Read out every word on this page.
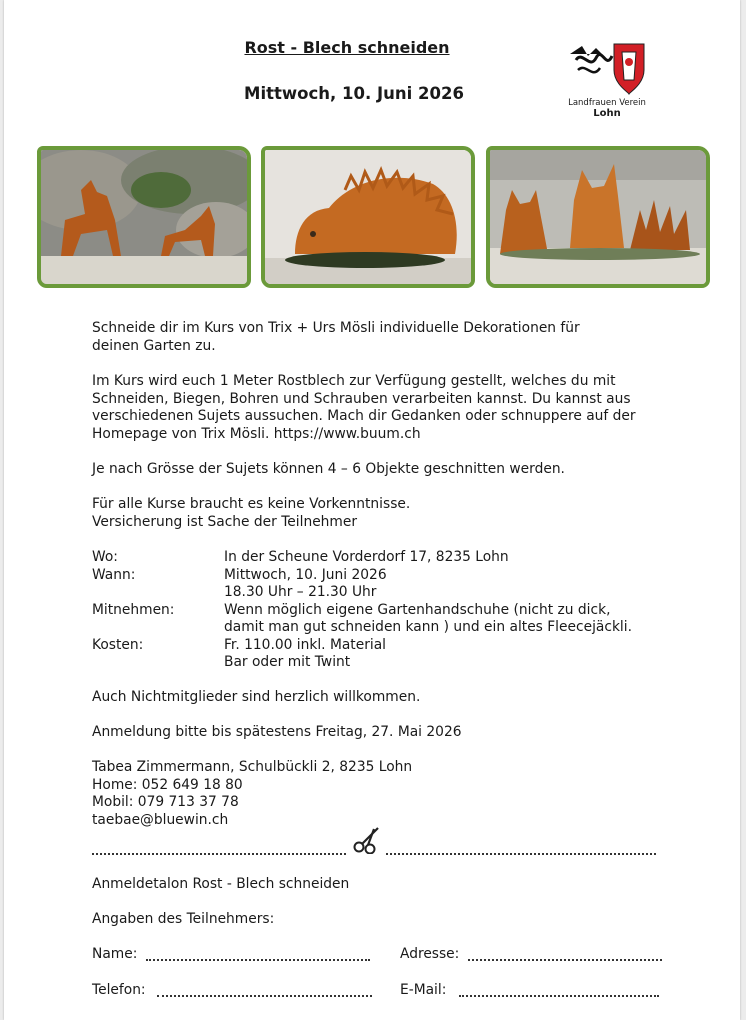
Rost - Blech schneiden
Mittwoch, 10. Juni 2026	Landfrauen Verein
Lohn
Schneide dir im Kurs von Trix + Urs Mösli individuelle Dekorationen für
deinen Garten zu.
Im Kurs wird euch 1 Meter Rostblech zur Verfügung gestellt, welches du mit
Schneiden, Biegen, Bohren und Schrauben verarbeiten kannst. Du kannst aus
verschiedenen Sujets aussuchen. Mach dir Gedanken oder schnuppere auf der
Homepage von Trix Mösli. https://www.buum.ch
Je nach Grösse der Sujets können 4 – 6 Objekte geschnitten werden.
Für alle Kurse braucht es keine Vorkenntnisse.
Versicherung ist Sache der Teilnehmer
Wo:	In der Scheune Vorderdorf 17, 8235 Lohn
Wann:	Mittwoch, 10. Juni 2026
18.30 Uhr – 21.30 Uhr
Mitnehmen:	Wenn möglich eigene Gartenhandschuhe (nicht zu dick,
damit man gut schneiden kann ) und ein altes Fleecejäckli.
Kosten:	Fr. 110.00 inkl. Material
Bar oder mit Twint
Auch Nichtmitglieder sind herzlich willkommen.
Anmeldung bitte bis spätestens Freitag, 27. Mai 2026
Tabea Zimmermann, Schulbückli 2, 8235 Lohn
Home: 052 649 18 80
Mobil: 079 713 37 78
taebae@bluewin.ch
Anmeldetalon Rost - Blech schneiden
Angaben des Teilnehmers:
Name:	Adresse:
Telefon:	E-Mail:
